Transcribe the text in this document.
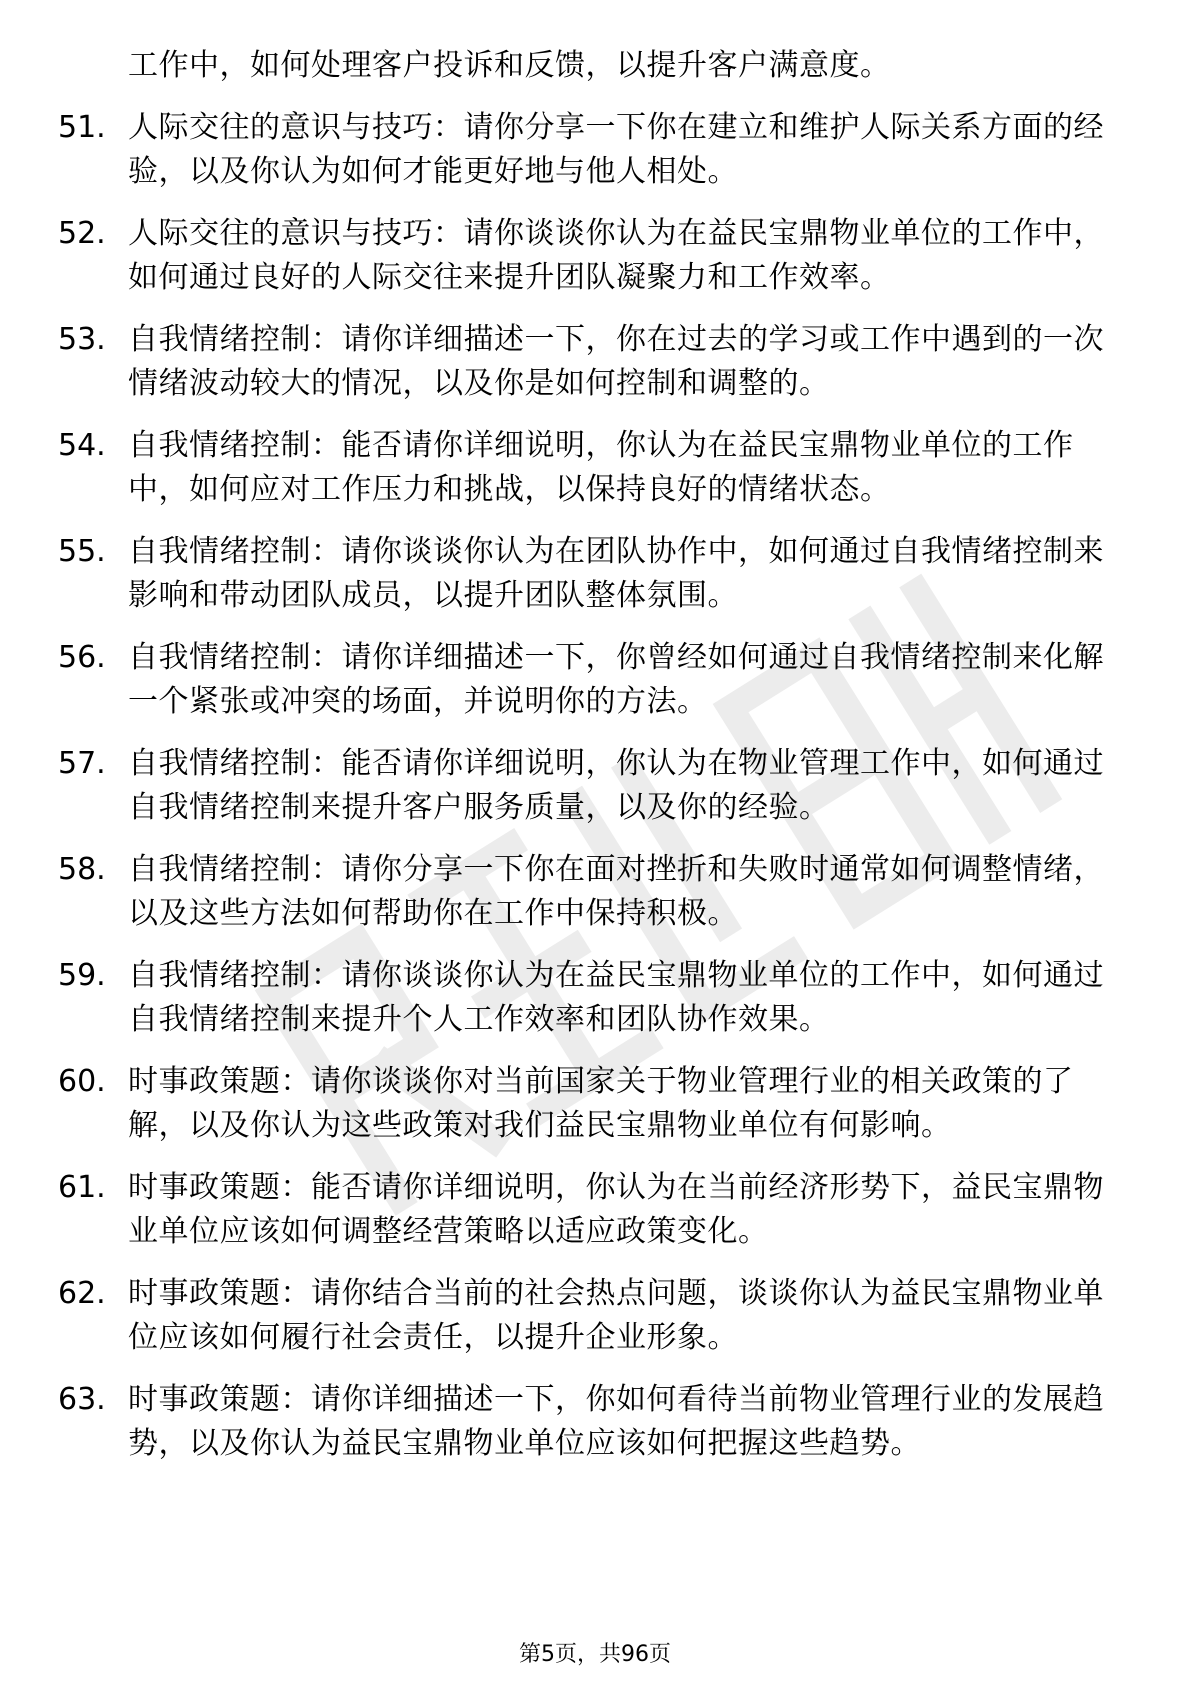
工作中，如何处理客户投诉和反馈，以提升客户满意度。
51. 人际交往的意识与技巧：请你分享一下你在建立和维护人际关系方面的经验，以及你认为如何才能更好地与他人相处。
52. 人际交往的意识与技巧：请你谈谈你认为在益民宝鼎物业单位的工作中，如何通过良好的人际交往来提升团队凝聚力和工作效率。
53. 自我情绪控制：请你详细描述一下，你在过去的学习或工作中遇到的一次情绪波动较大的情况，以及你是如何控制和调整的。
54. 自我情绪控制：能否请你详细说明，你认为在益民宝鼎物业单位的工作中，如何应对工作压力和挑战，以保持良好的情绪状态。
55. 自我情绪控制：请你谈谈你认为在团队协作中，如何通过自我情绪控制来影响和带动团队成员，以提升团队整体氛围。
56. 自我情绪控制：请你详细描述一下，你曾经如何通过自我情绪控制来化解一个紧张或冲突的场面，并说明你的方法。
57. 自我情绪控制：能否请你详细说明，你认为在物业管理工作中，如何通过自我情绪控制来提升客户服务质量，以及你的经验。
58. 自我情绪控制：请你分享一下你在面对挫折和失败时通常如何调整情绪，以及这些方法如何帮助你在工作中保持积极。
59. 自我情绪控制：请你谈谈你认为在益民宝鼎物业单位的工作中，如何通过自我情绪控制来提升个人工作效率和团队协作效果。
60. 时事政策题：请你谈谈你对当前国家关于物业管理行业的相关政策的了解，以及你认为这些政策对我们益民宝鼎物业单位有何影响。
61. 时事政策题：能否请你详细说明，你认为在当前经济形势下，益民宝鼎物业单位应该如何调整经营策略以适应政策变化。
62. 时事政策题：请你结合当前的社会热点问题，谈谈你认为益民宝鼎物业单位应该如何履行社会责任，以提升企业形象。
63. 时事政策题：请你详细描述一下，你如何看待当前物业管理行业的发展趋势，以及你认为益民宝鼎物业单位应该如何把握这些趋势。
第5页，共96页
